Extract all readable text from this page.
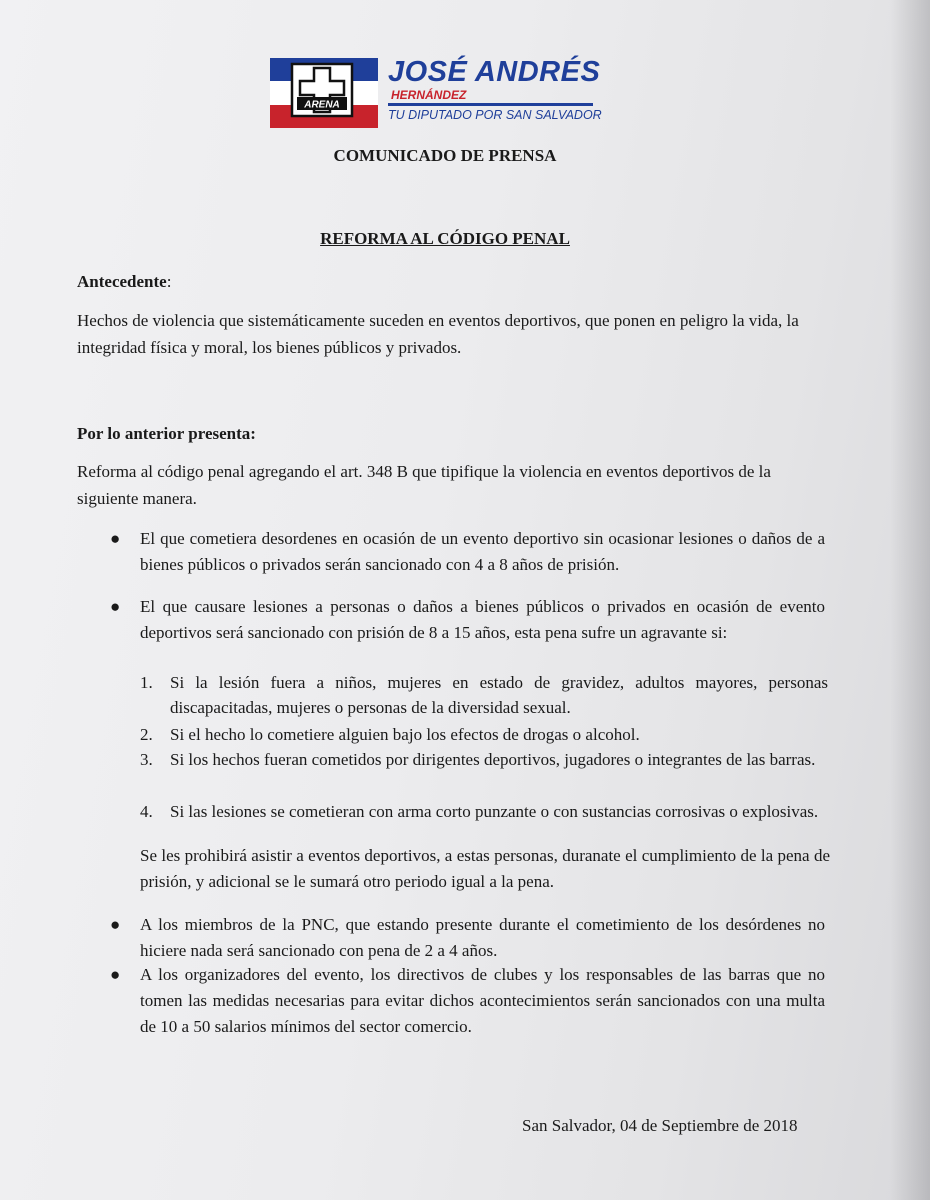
ARENA
JOSÉ ANDRÉS
HERNÁNDEZ
TU DIPUTADO POR SAN SALVADOR
COMUNICADO DE PRENSA
REFORMA AL CÓDIGO PENAL

Antecedente:

Hechos de violencia que sistemáticamente suceden en eventos deportivos, que ponen en peligro la vida, la integridad física y moral, los bienes públicos y privados.

Por lo anterior presenta:

Reforma al código penal agregando el art. 348 B que tipifique la violencia en eventos deportivos de la siguiente manera.

● El que cometiera desordenes en ocasión de un evento deportivo sin ocasionar lesiones o daños de a bienes públicos o privados serán sancionado con 4 a 8 años de prisión.
● El que causare lesiones a personas o daños a bienes públicos o privados en ocasión de evento deportivos será sancionado con prisión de 8 a 15 años, esta pena sufre un agravante si:
1. Si la lesión fuera a niños, mujeres en estado de gravidez, adultos mayores, personas discapacitadas, mujeres o personas de la diversidad sexual.
2. Si el hecho lo cometiere alguien bajo los efectos de drogas o alcohol.
3. Si los hechos fueran cometidos por dirigentes deportivos, jugadores o integrantes de las barras.
4. Si las lesiones se cometieran con arma corto punzante o con sustancias corrosivas o explosivas.

Se les prohibirá asistir a eventos deportivos, a estas personas, duranate el cumplimiento de la pena de prisión, y adicional se le sumará otro periodo igual a la pena.

● A los miembros de la PNC, que estando presente durante el cometimiento de los desórdenes no hiciere nada será sancionado con pena de 2 a 4 años.
● A los organizadores del evento, los directivos de clubes y los responsables de las barras que no tomen las medidas necesarias para evitar dichos acontecimientos serán sancionados con una multa de 10 a 50 salarios mínimos del sector comercio.

San Salvador, 04 de Septiembre de 2018
